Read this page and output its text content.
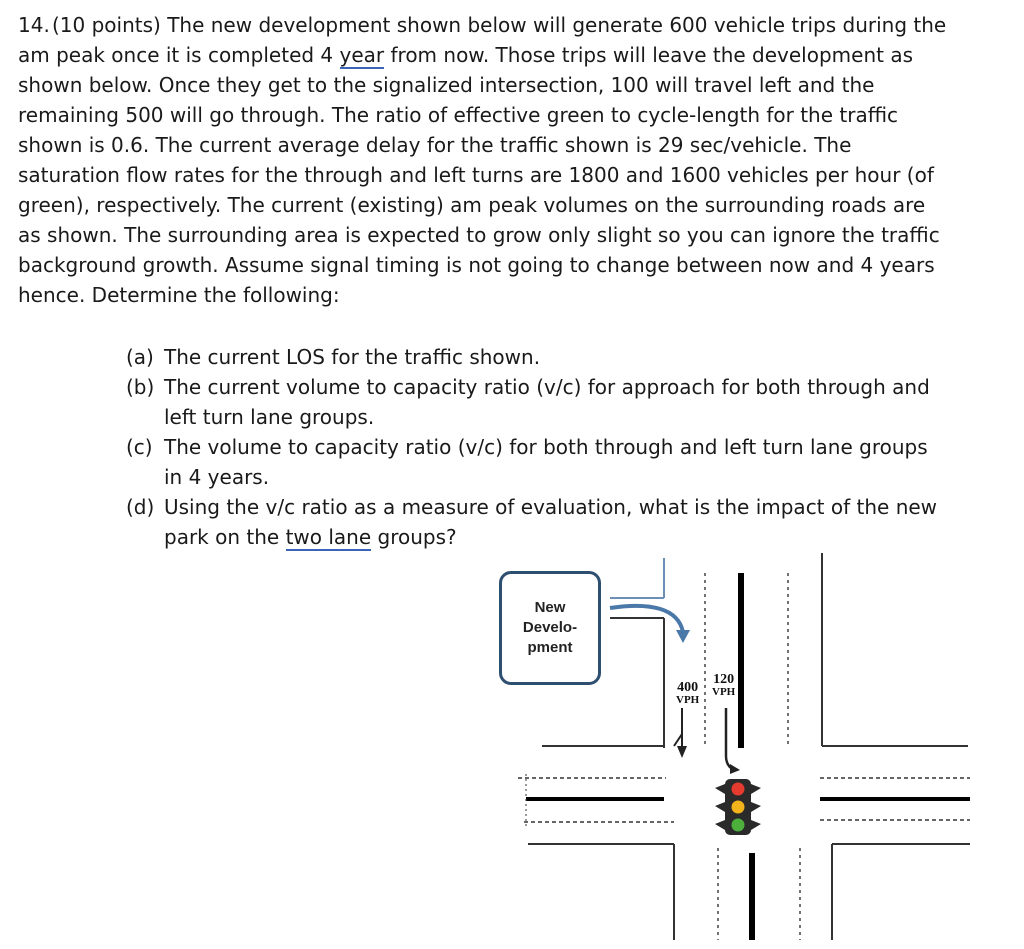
14. (10 points) The new development shown below will generate 600 vehicle trips during the am peak once it is completed 4 year from now. Those trips will leave the development as shown below. Once they get to the signalized intersection, 100 will travel left and the remaining 500 will go through. The ratio of effective green to cycle-length for the traffic shown is 0.6. The current average delay for the traffic shown is 29 sec/vehicle. The saturation flow rates for the through and left turns are 1800 and 1600 vehicles per hour (of green), respectively. The current (existing) am peak volumes on the surrounding roads are as shown. The surrounding area is expected to grow only slight so you can ignore the traffic background growth. Assume signal timing is not going to change between now and 4 years hence. Determine the following:
(a) The current LOS for the traffic shown.
(b) The current volume to capacity ratio (v/c) for approach for both through and left turn lane groups.
(c) The volume to capacity ratio (v/c) for both through and left turn lane groups in 4 years.
(d) Using the v/c ratio as a measure of evaluation, what is the impact of the new park on the two lane groups?
New
Develo-
pment
400
VPH
120
VPH
